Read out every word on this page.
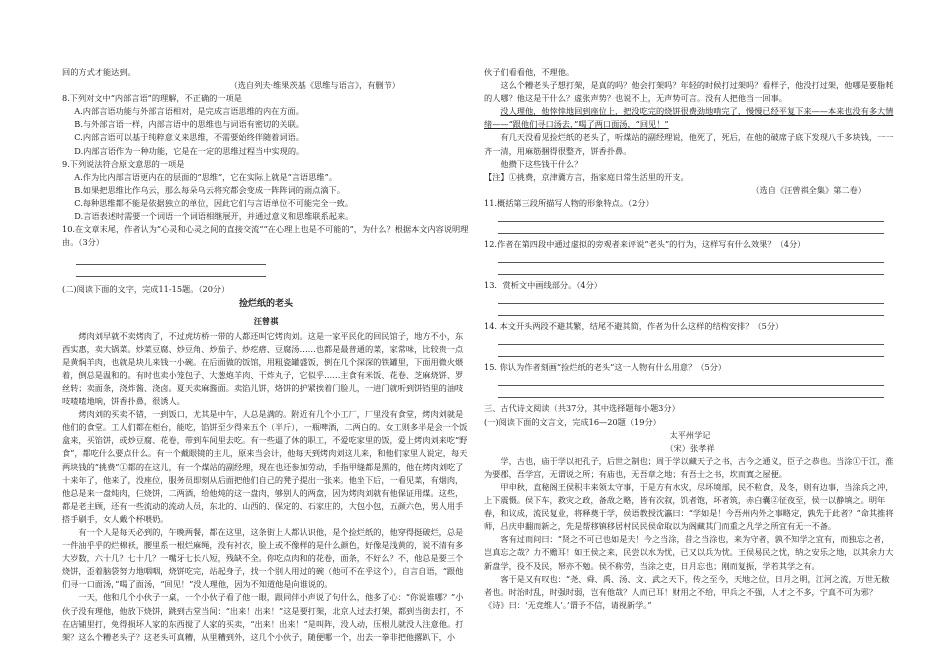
回的方式才能达到。

（选自列夫·维果茨基《思维与语言》，有删节）

8.下列对文中“内部言语”的理解，不正确的一项是

A.内部言语功能与外部言语相对，是完成言语思维的内在方面。

B.与外部言语一样，内部言语中的思维也与词语有密切的关联。

C.内部言语可以基于纯粹意义来思维，不需要始终伴随着词语。

D.内部言语作为一种功能，它是在一定的思维过程当中实现的。

9.下列说法符合原文意思的一项是

A.作为比内部言语更内在的层面的“思维”，它在实际上就是“言语思维”。

B.如果把思维比作乌云，那么每朵乌云将究都会变成一阵阵词的雨点滴下。

C.每种思维都不能是依据独立的单位，因此它们与言语单位不可能完全一致。

D.言语表述时需要一个词语一个词语相继展开，并通过意义和思维联系起来。

10.在文章末尾，作者认为“心灵和心灵之间的直接交流”“在心理上也是不可能的”，为什么？根据本文内容说明理由。（3分）

(二)阅读下面的文字，完成11-15题。（20分）

捡烂纸的老头

汪曾祺

烤肉刘早就不卖烤肉了，不过虎坊桥一带的人都还叫它烤肉刘。这是一家平民化的回民馆子，地方不小，东西实惠，卖大锅菜。炒菜豆腐、炒豆角、炒茄子、炒疙瘩、豆腐汤……也都是最普通的菜，家常味，比较贵一点是黄焖羊肉，也就是块儿来钱一小碗。在后面做的饭馆，用粗瓷罐盛饭，倒在几个深深的铁罐里，下面用微火煨着，倒总是温和的。有时也卖小笼包子、大葱炮羊肉、干炸丸子，它似乎……主食有米饭、花卷、芝麻烧饼、罗丝转；卖面条，浇炸酱、浇卤。夏天卖麻酱面。卖馅儿饼，烙饼的护紧挨着门脸儿，一进门就听到饼铛里的油吱吱喳喳地响，饼香扑鼻，很诱人。

烤肉刘的买卖不错，一到饭口，尤其是中午，人总是满的。附近有几个小工厂，厂里没有食堂，烤肉刘就是他们的食堂。工人们都在柜台，能吃，馅饼至少得来五个（半斤），一瓶啤酒，二两白的。女工则多半是会一个饭盒来，买馅饼，或炒豆腐、花卷，带到车间里去吃。有一些逼了休的职工，不爱吃家里的饭，爱上烤肉刘来吃“野食”，都吃什么要点什么。有一个戴眼镜的主儿，原来当会计，他每天到烤肉刘这儿来，和他们家里人说定，每天两块钱的“挑费”①都的在这儿，有一个煤站的副经理，现在也还参加劳动，手指甲缝都是黑的，他在烤肉刘吃了十来年了，他来了，没座位，服务员即刻从后面把他们自己的凳子提出一张来。他坐下后，一看见菜，有烟肉，他总是来一盘炖肉，仨烧饼，二两酒，给他炖的这一盘肉，够别人的两盘，因为烤肉刘就有他保证用煤。这些，都是老主顾，还有一些流动的流动人员，东北的、山西的、保定的、石家庄的，大包小包，五颜六色，男人用手搭手刷手，女人戴个杯喂奶。

有一个人是每天必到的，午晚两餐，都在这里，这条街上人都认识他，是个捡烂纸的，他穿得挺破烂，总是一件油乎乎的烂棉袄，腰里系一根烂麻绳，没有衬衣，脸上或不像样的是什么颜色，好像是浅黄的，说不清有多大岁数，六十几？七十几？一嘴牙七长八短，残缺不全。你吃点肉和的花卷，面条，不好么？不，他总是要三个烧饼，歪着脑袋努力地咽咽，烧饼吃完，站起身子，找一个别人用过的碗（他可不在乎这个），自言自语，“跟他们寻一口面汤，”喝了面汤，“回见！”没人理他，因为不知道他是向谁说的。

一天，他和几个小伙子一桌，一个小伙子看了他一眼，跟同伴小声说了句什么，他多了心：“你说谁哪？”小伙子没有理他，他放下烧饼，跳到古堂当间：“出来！出来！”这是要打架，北京人过去打架，都到当街去打，不在店铺里打，免得损坏人家的东西搅了人家的买卖，“出来！出来！”是叫阵，没人动，压根儿就没人注意他。打架？这么个糟老头子？这老头可真糟，从里糟到外，这几个小伙子，随便哪一个，出去一拳非把他撂趴下，小

伙子们看看他，不理他。

这么个糟老头子想打架，是真的吗？他会打架吗？年轻的时候打过架吗？看样子，他没打过架，他哪是要脂耗的人哪？他这是干什么？虚张声势？也说不上，无声势可言。没有人把他当一回事。

没人理他，他悻悻地回到座位上，把没吃完的烧饼很费劲地啃完了，慢慢已经平复下来——本来也没有多大情绪——“跟他们寻口汤去，”喝了两口面汤，“回见！”

有几天没看见捡烂纸的老头了，听煤站的副经理说，他死了，死后，在他的破席子底下发现八千多块钱，一一齐一清，用麻筋捆得很整齐，饼香扑鼻。

他攒下这些钱干什么？

【注】①挑费，京津冀方言，指家庭日常生活里的开支。

（选自《汪曾祺全集》第二卷）

11.概括第三段所描写人物的形象特点。（2分）

12.作者在第四段中通过虚拟的旁观者来评说“老头”的行为，这样写有什么效果？（4分）

13．赏析文中画线部分。（4分）

14. 本文开头两段不避其繁，结尾不避其简，作者为什么这样的结构安排？（5分）

15. 你认为作者刻画“捡烂纸的老头”这一人物有什么用意？（5分）

三、古代诗文阅读（共37分，其中选择题每小题3分）

(一)阅读下面的文言文，完成16—20题（19分）

太平州学记

（宋）张孝祥

学，古也，庙于学以祀孔子，后世之制也；周于学以藏天子之书，古今之通义，臣子之恭也。当涂①于江，淮为要郡，吾学宫，无谓说之所；有庙也，无吾章之地；有吾士之书，坎而寘之屋便。

甲申秋，直秘阁王侯积丰来领太守事，于是方有水灾，尽坏境部，民不粒食，及冬，则有边事，当涂兵之冲，上下震慑。侯下车，救灾之政，备敌之略，皆有次叙，饥者饱，坏者筑，赤白囊②征夜至，侯一以静填之。明年春，和议成，流民复业，将释奠于学，侯语教授沈瀛曰：“学如是！今吾州内外之事略定，孰先于此者？”命其推将师，吕庆申翻而新之，先是帮移镇移居村民民侯命取以为阁藏其门而重之凡学之所宜有无一不备。

客有过而问曰：“贤之不可已也如是夫！今之当涂，昔之当涂也，来为守者，孰不知学之宜有，而独忘之者，岂真忘之哉？力不赡耳！如王侯之来，民尝以水为忧，已又以兵为忧。王侯易民之忧，纳之安乐之地，以其余力大新盘学，役不及民，帑亦不勉。侯不称劳，当涂之吏，日月忘也；刚而复振，学若其学之有。

客于是又有叹也：“尧、舜、禹、汤、文、武之天下，传之至今，天地之位，日月之明，江河之流，万世无敝者也。时治时乱，时强时弱，岂有他哉？人而已耳！财用之不给，甲兵之不强，人才之不多，宁真不可为邪？《诗》曰：‘无竞维人’。’谓予不信，请视新学。”
